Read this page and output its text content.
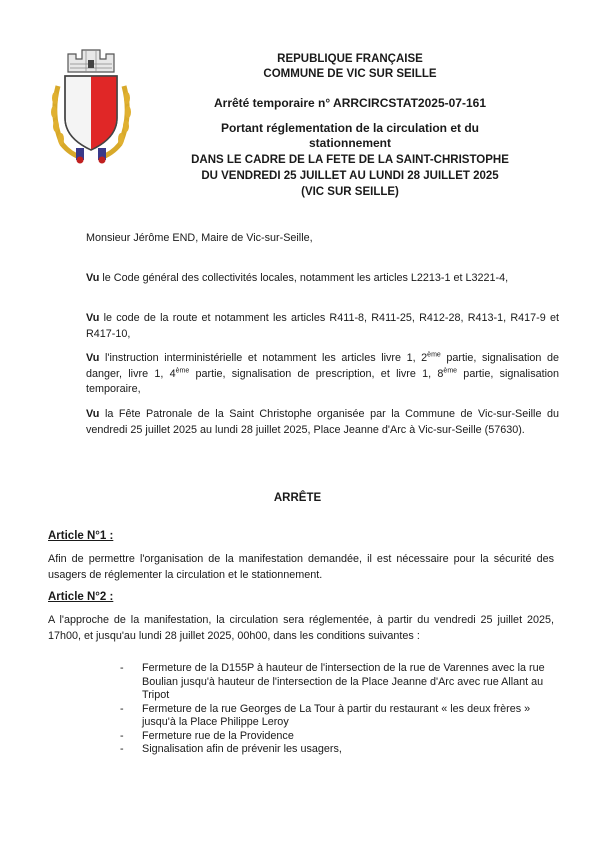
REPUBLIQUE FRANÇAISE
COMMUNE DE VIC SUR SEILLE
Arrêté temporaire n° ARRCIRCSTAT2025-07-161
Portant réglementation de la circulation et du
stationnement
DANS LE CADRE DE LA FETE DE LA SAINT-CHRISTOPHE
DU VENDREDI 25 JUILLET AU LUNDI 28 JUILLET 2025
(VIC SUR SEILLE)
Monsieur Jérôme END, Maire de Vic-sur-Seille,
Vu le Code général des collectivités locales, notamment les articles L2213-1 et L3221-4,
Vu le code de la route et notamment les articles R411-8, R411-25, R412-28, R413-1, R417-9 et R417-10,
Vu l'instruction interministérielle et notamment les articles livre 1, 2ème partie, signalisation de danger, livre 1, 4ème partie, signalisation de prescription, et livre 1, 8ème partie, signalisation temporaire,
Vu la Fête Patronale de la Saint Christophe organisée par la Commune de Vic-sur-Seille du vendredi 25 juillet 2025 au lundi 28 juillet 2025, Place Jeanne d'Arc à Vic-sur-Seille (57630).
ARRÊTE
Article N°1 :
Afin de permettre l'organisation de la manifestation demandée, il est nécessaire pour la sécurité des usagers de réglementer la circulation et le stationnement.
Article N°2 :
A l'approche de la manifestation, la circulation sera réglementée, à partir du vendredi 25 juillet 2025, 17h00, et jusqu'au lundi 28 juillet 2025, 00h00, dans les conditions suivantes :
- Fermeture de la D155P à hauteur de l'intersection de la rue de Varennes avec la rue Boulian jusqu'à hauteur de l'intersection de la Place Jeanne d'Arc avec rue Allant au Tripot
- Fermeture de la rue Georges de La Tour à partir du restaurant « les deux frères » jusqu'à la Place Philippe Leroy
- Fermeture rue de la Providence
- Signalisation afin de prévenir les usagers,
